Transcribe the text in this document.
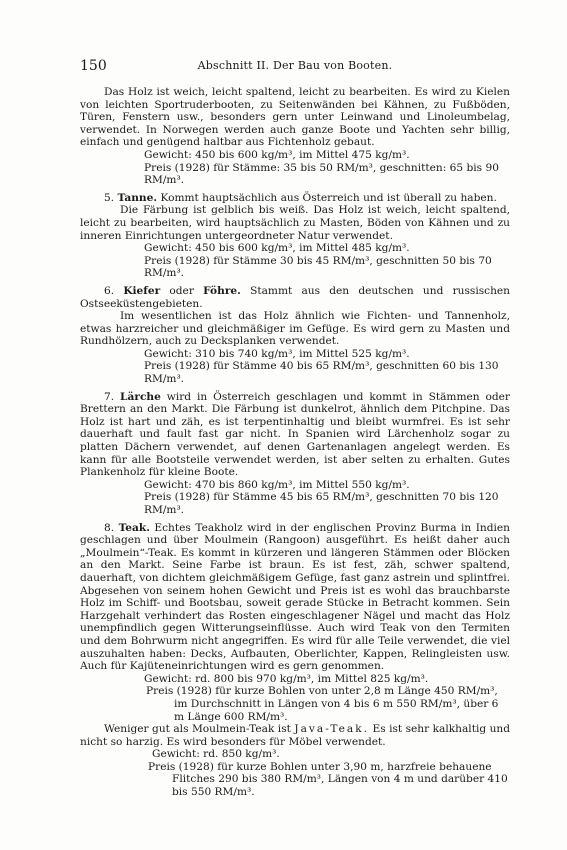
150	Abschnitt II. Der Bau von Booten.

Das Holz ist weich, leicht spaltend, leicht zu bearbeiten. Es wird zu Kielen von leichten Sportruderbooten, zu Seitenwänden bei Kähnen, zu Fußböden, Türen, Fenstern usw., besonders gern unter Leinwand und Linoleumbelag, verwendet. In Norwegen werden auch ganze Boote und Yachten sehr billig, einfach und genügend haltbar aus Fichtenholz gebaut.

Gewicht: 450 bis 600 kg/m³, im Mittel 475 kg/m³.

Preis (1928) für Stämme: 35 bis 50 RM/m³, geschnitten: 65 bis 90 RM/m³.

5. Tanne. Kommt hauptsächlich aus Österreich und ist überall zu haben.

Die Färbung ist gelblich bis weiß. Das Holz ist weich, leicht spaltend, leicht zu bearbeiten, wird hauptsächlich zu Masten, Böden von Kähnen und zu inneren Einrichtungen untergeordneter Natur verwendet.

Gewicht: 450 bis 600 kg/m³, im Mittel 485 kg/m³.

Preis (1928) für Stämme 30 bis 45 RM/m³, geschnitten 50 bis 70 RM/m³.

6. Kiefer oder Föhre. Stammt aus den deutschen und russischen Ostseeküstengebieten.

Im wesentlichen ist das Holz ähnlich wie Fichten- und Tannenholz, etwas harzreicher und gleichmäßiger im Gefüge. Es wird gern zu Masten und Rundhölzern, auch zu Decksplanken verwendet.

Gewicht: 310 bis 740 kg/m³, im Mittel 525 kg/m³.

Preis (1928) für Stämme 40 bis 65 RM/m³, geschnitten 60 bis 130 RM/m³.

7. Lärche wird in Österreich geschlagen und kommt in Stämmen oder Brettern an den Markt. Die Färbung ist dunkelrot, ähnlich dem Pitchpine. Das Holz ist hart und zäh, es ist terpentinhaltig und bleibt wurmfrei. Es ist sehr dauerhaft und fault fast gar nicht. In Spanien wird Lärchenholz sogar zu platten Dächern verwendet, auf denen Gartenanlagen angelegt werden. Es kann für alle Bootsteile verwendet werden, ist aber selten zu erhalten. Gutes Plankenholz für kleine Boote.

Gewicht: 470 bis 860 kg/m³, im Mittel 550 kg/m³.

Preis (1928) für Stämme 45 bis 65 RM/m³, geschnitten 70 bis 120 RM/m³.

8. Teak. Echtes Teakholz wird in der englischen Provinz Burma in Indien geschlagen und über Moulmein (Rangoon) ausgeführt. Es heißt daher auch „Moulmein“-Teak. Es kommt in kürzeren und längeren Stämmen oder Blöcken an den Markt. Seine Farbe ist braun. Es ist fest, zäh, schwer spaltend, dauerhaft, von dichtem gleichmäßigem Gefüge, fast ganz astrein und splintfrei. Abgesehen von seinem hohen Gewicht und Preis ist es wohl das brauchbarste Holz im Schiff- und Bootsbau, soweit gerade Stücke in Betracht kommen. Sein Harzgehalt verhindert das Rosten eingeschlagener Nägel und macht das Holz unempfindlich gegen Witterungseinflüsse. Auch wird Teak von den Termiten und dem Bohrwurm nicht angegriffen. Es wird für alle Teile verwendet, die viel auszuhalten haben: Decks, Aufbauten, Oberlichter, Kappen, Relingleisten usw. Auch für Kajüteneinrichtungen wird es gern genommen.

Gewicht: rd. 800 bis 970 kg/m³, im Mittel 825 kg/m³.

Preis (1928) für kurze Bohlen von unter 2,8 m Länge 450 RM/m³, im Durchschnitt in Längen von 4 bis 6 m 550 RM/m³, über 6 m Länge 600 RM/m³.

Weniger gut als Moulmein-Teak ist Java-Teak. Es ist sehr kalkhaltig und nicht so harzig. Es wird besonders für Möbel verwendet.

Gewicht: rd. 850 kg/m³.

Preis (1928) für kurze Bohlen unter 3,90 m, harzfreie behauene Flitches 290 bis 380 RM/m³, Längen von 4 m und darüber 410 bis 550 RM/m³.
